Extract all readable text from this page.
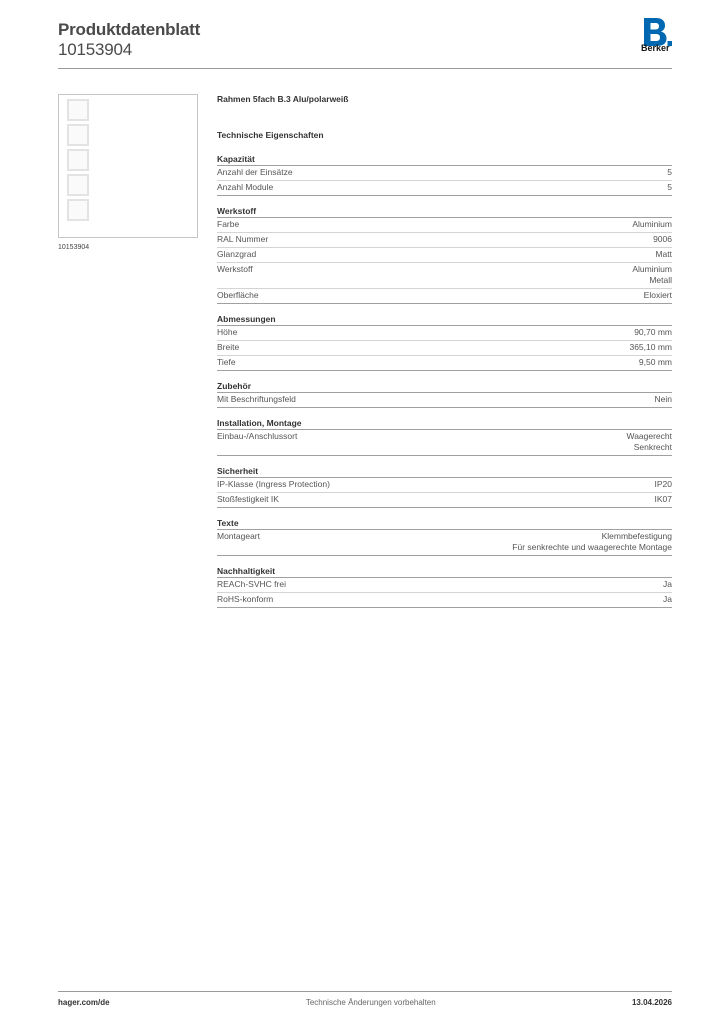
Produktdatenblatt
10153904	Berker
10153904
Rahmen 5fach B.3 Alu/polarweiß
Technische Eigenschaften
Kapazität
Anzahl der Einsätze	5
Anzahl Module	5
Werkstoff
Farbe	Aluminium
RAL Nummer	9006
Glanzgrad	Matt
Werkstoff	Aluminium
Metall
Oberfläche	Eloxiert
Abmessungen
Höhe	90,70 mm
Breite	365,10 mm
Tiefe	9,50 mm
Zubehör
Mit Beschriftungsfeld	Nein
Installation, Montage
Einbau-/Anschlussort	Waagerecht
Senkrecht
Sicherheit
IP-Klasse (Ingress Protection)	IP20
Stoßfestigkeit IK	IK07
Texte
Montageart	Klemmbefestigung
Für senkrechte und waagerechte Montage
Nachhaltigkeit
REACh-SVHC frei	Ja
RoHS-konform	Ja
hager.com/de	Technische Änderungen vorbehalten	13.04.2026
